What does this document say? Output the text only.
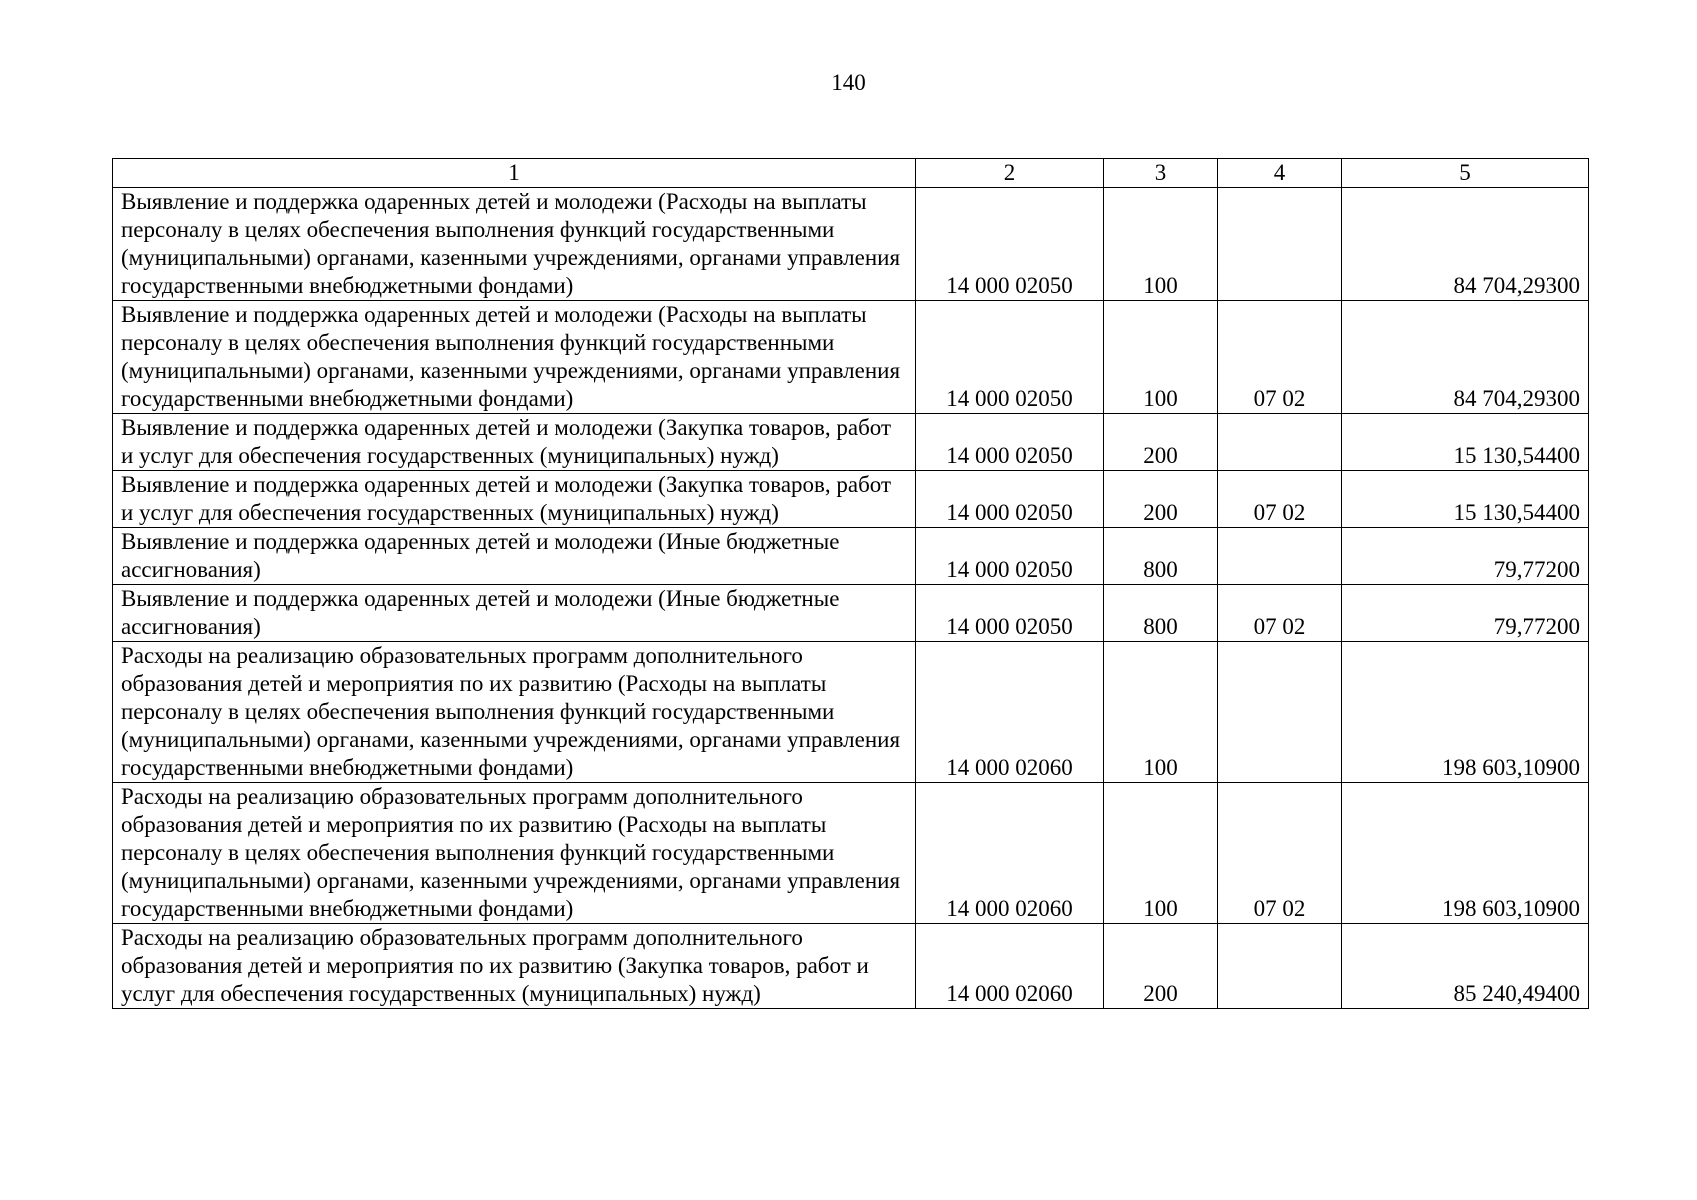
140
1	2	3	4	5
Выявление и поддержка одаренных детей и молодежи (Расходы на выплаты персоналу в целях обеспечения выполнения функций государственными (муниципальными) органами, казенными учреждениями, органами управления государственными внебюджетными фондами)	14 000 02050	100		84 704,29300
Выявление и поддержка одаренных детей и молодежи (Расходы на выплаты персоналу в целях обеспечения выполнения функций государственными (муниципальными) органами, казенными учреждениями, органами управления государственными внебюджетными фондами)	14 000 02050	100	07 02	84 704,29300
Выявление и поддержка одаренных детей и молодежи (Закупка товаров, работ и услуг для обеспечения государственных (муниципальных) нужд)	14 000 02050	200		15 130,54400
Выявление и поддержка одаренных детей и молодежи (Закупка товаров, работ и услуг для обеспечения государственных (муниципальных) нужд)	14 000 02050	200	07 02	15 130,54400
Выявление и поддержка одаренных детей и молодежи (Иные бюджетные ассигнования)	14 000 02050	800		79,77200
Выявление и поддержка одаренных детей и молодежи (Иные бюджетные ассигнования)	14 000 02050	800	07 02	79,77200
Расходы на реализацию образовательных программ дополнительного образования детей и мероприятия по их развитию (Расходы на выплаты персоналу в целях обеспечения выполнения функций государственными (муниципальными) органами, казенными учреждениями, органами управления государственными внебюджетными фондами)	14 000 02060	100		198 603,10900
Расходы на реализацию образовательных программ дополнительного образования детей и мероприятия по их развитию (Расходы на выплаты персоналу в целях обеспечения выполнения функций государственными (муниципальными) органами, казенными учреждениями, органами управления государственными внебюджетными фондами)	14 000 02060	100	07 02	198 603,10900
Расходы на реализацию образовательных программ дополнительного образования детей и мероприятия по их развитию (Закупка товаров, работ и услуг для обеспечения государственных (муниципальных) нужд)	14 000 02060	200		85 240,49400
